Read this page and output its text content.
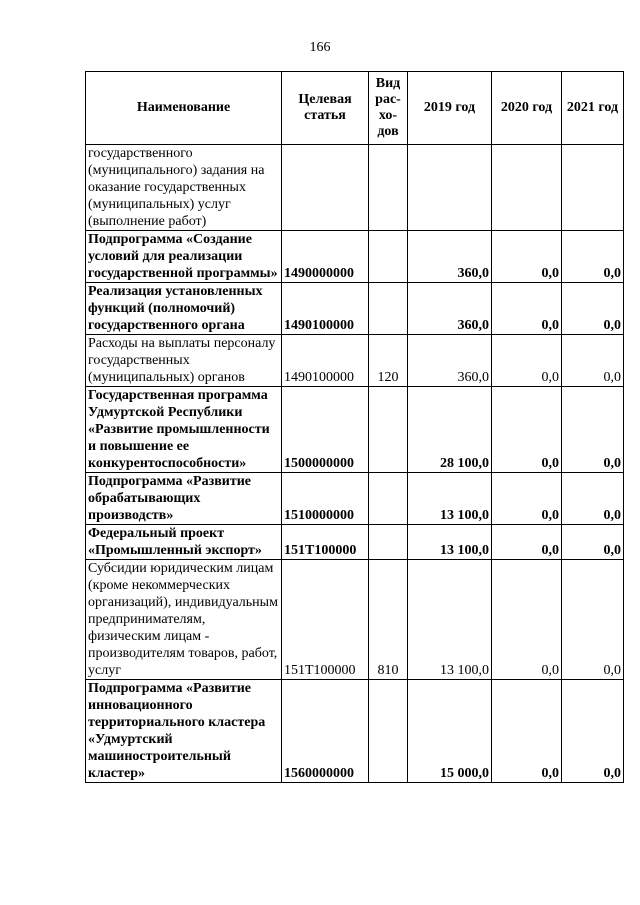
166
Наименование	Целевая статья	Вид рас-хо-дов	2019 год	2020 год	2021 год
государственного (муниципального) задания на оказание государственных (муниципальных) услуг (выполнение работ)					
Подпрограмма «Создание условий для реализации государственной программы»	1490000000		360,0	0,0	0,0
Реализация установленных функций (полномочий) государственного органа	1490100000		360,0	0,0	0,0
Расходы на выплаты персоналу государственных (муниципальных) органов	1490100000	120	360,0	0,0	0,0
Государственная программа Удмуртской Республики «Развитие промышленности и повышение ее конкурентоспособности»	1500000000		28 100,0	0,0	0,0
Подпрограмма «Развитие обрабатывающих производств»	1510000000		13 100,0	0,0	0,0
Федеральный проект «Промышленный экспорт»	151T100000		13 100,0	0,0	0,0
Субсидии юридическим лицам (кроме некоммерческих организаций), индивидуальным предпринимателям, физическим лицам - производителям товаров, работ, услуг	151T100000	810	13 100,0	0,0	0,0
Подпрограмма «Развитие инновационного территориального кластера «Удмуртский машиностроительный кластер»	1560000000		15 000,0	0,0	0,0
